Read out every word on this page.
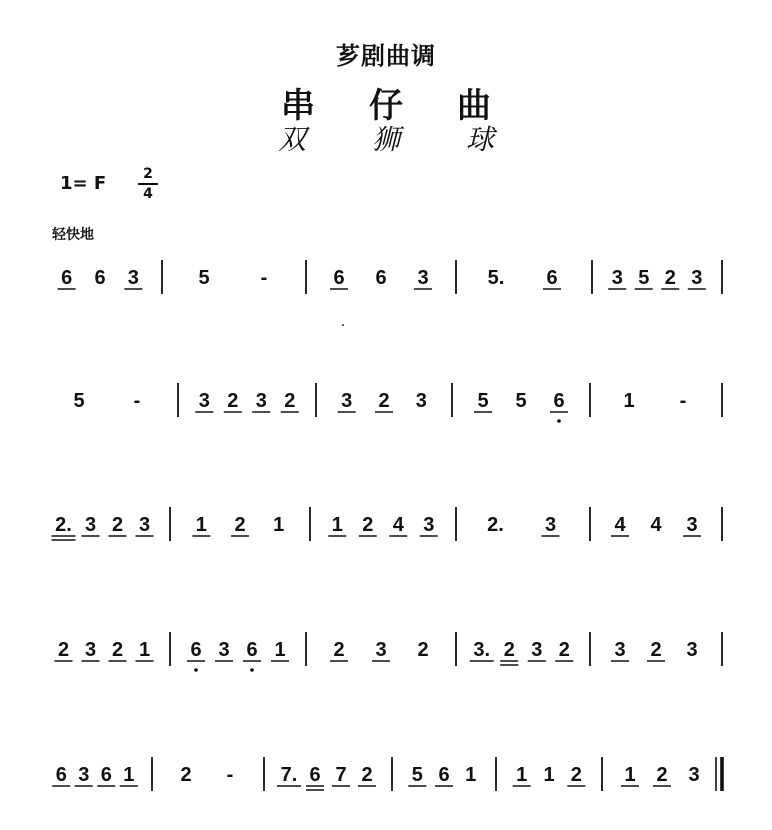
芗剧曲调
串仔曲
双狮球
1= F	2
4
轻快地
6 6 3	5	-	6 6 3	5. 6	3 5 2 3
5 -	3 2 3 2 3 2 3	5 5 6	1 -
2. 3 2 3 1 2 1 1 2 4 3	2. 3	4 4 3
2 3 2 1 6 3 6 1 2 3 2 3. 2 3 2 3 2 3
6 3 6 1 2 - 7. 6 7 2 5 6 1 1 1 2 1 2 3
